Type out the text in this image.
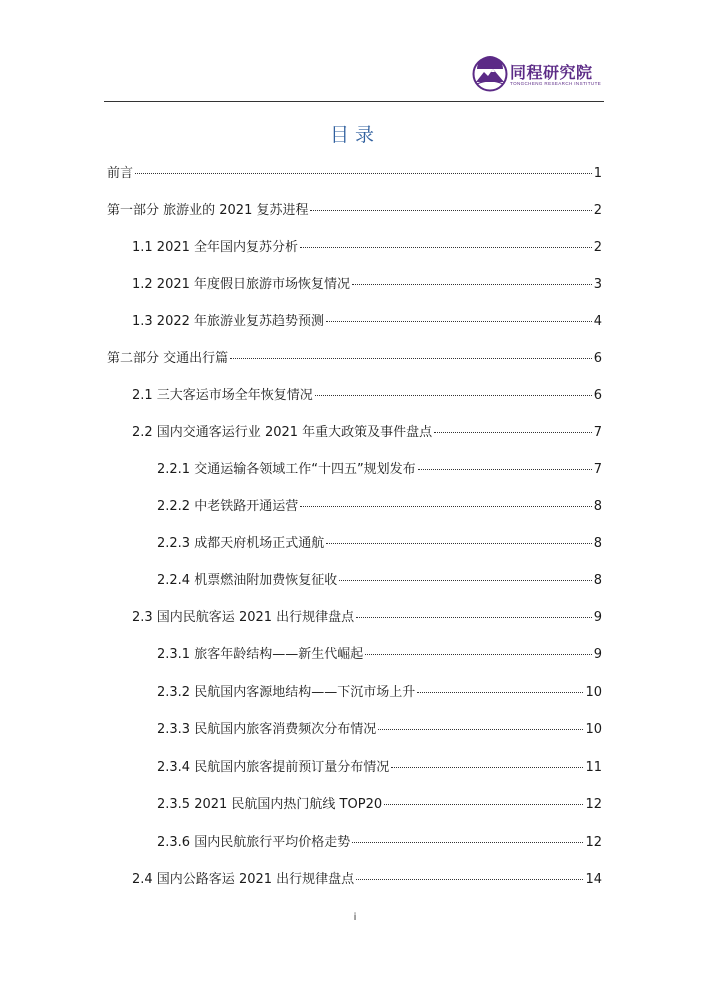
同程研究院
TONGCHENG RESEARCH INSTITUTE
目录
前言	1
第一部分 旅游业的 2021 复苏进程	2
1.1 2021 全年国内复苏分析	2
1.2 2021 年度假日旅游市场恢复情况	3
1.3 2022 年旅游业复苏趋势预测	4
第二部分 交通出行篇	6
2.1 三大客运市场全年恢复情况	6
2.2 国内交通客运行业 2021 年重大政策及事件盘点	7
2.2.1 交通运输各领域工作“十四五”规划发布	7
2.2.2 中老铁路开通运营	8
2.2.3 成都天府机场正式通航	8
2.2.4 机票燃油附加费恢复征收	8
2.3 国内民航客运 2021 出行规律盘点	9
2.3.1 旅客年龄结构——新生代崛起	9
2.3.2 民航国内客源地结构——下沉市场上升	10
2.3.3 民航国内旅客消费频次分布情况	10
2.3.4 民航国内旅客提前预订量分布情况	11
2.3.5 2021 民航国内热门航线 TOP20	12
2.3.6 国内民航旅行平均价格走势	12
2.4 国内公路客运 2021 出行规律盘点	14
i
